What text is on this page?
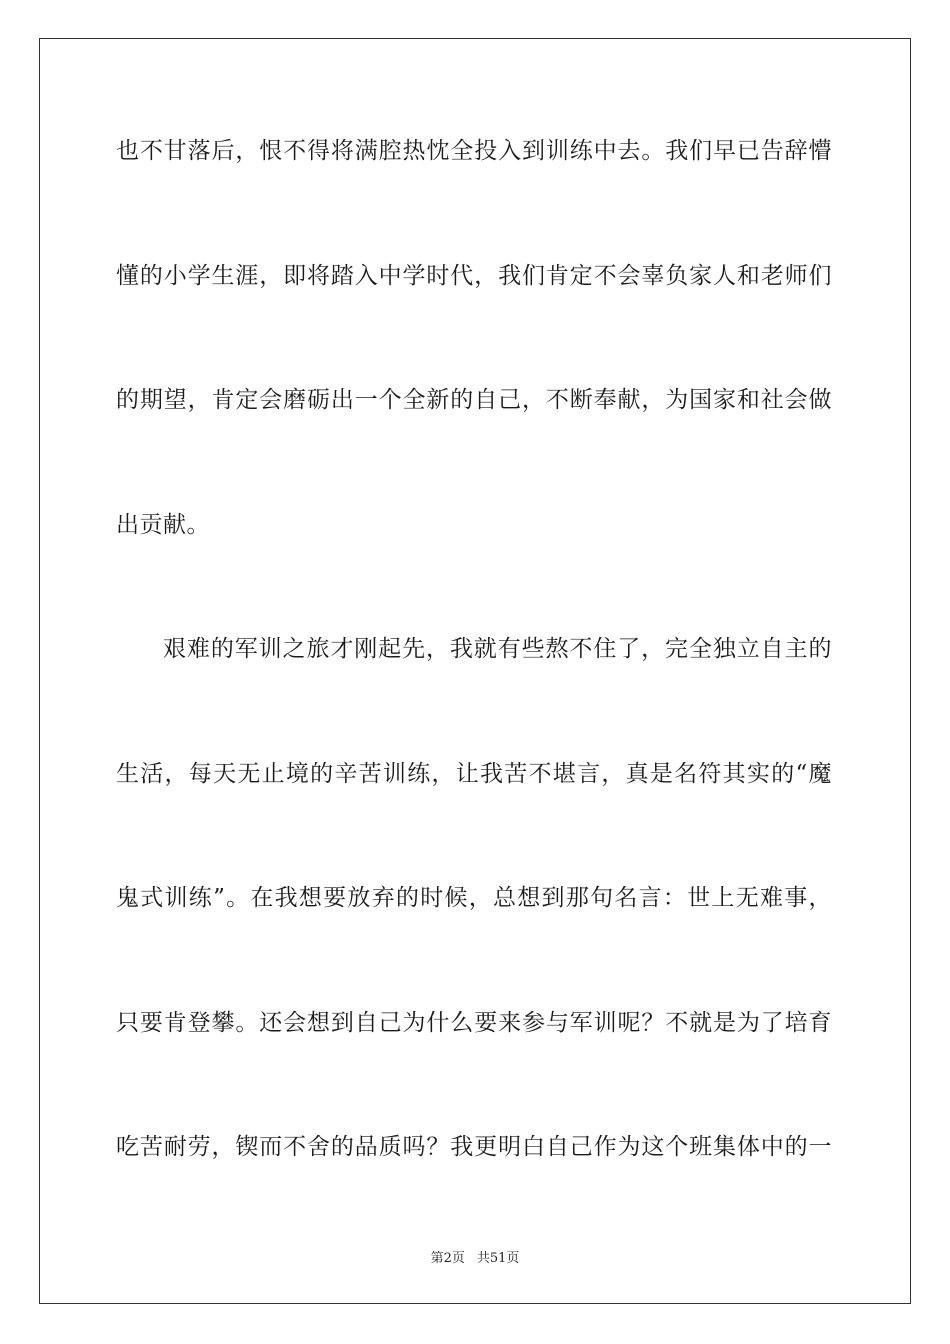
也不甘落后，恨不得将满腔热忱全投入到训练中去。我们早已告辞懵
懂的小学生涯，即将踏入中学时代，我们肯定不会辜负家人和老师们
的期望，肯定会磨砺出一个全新的自己，不断奉献，为国家和社会做
出贡献。
艰难的军训之旅才刚起先，我就有些熬不住了，完全独立自主的
生活，每天无止境的辛苦训练，让我苦不堪言，真是名符其实的“魔
鬼式训练”。在我想要放弃的时候，总想到那句名言：世上无难事，
只要肯登攀。还会想到自己为什么要来参与军训呢？不就是为了培育
吃苦耐劳，锲而不舍的品质吗？我更明白自己作为这个班集体中的一
第2页 共51页
